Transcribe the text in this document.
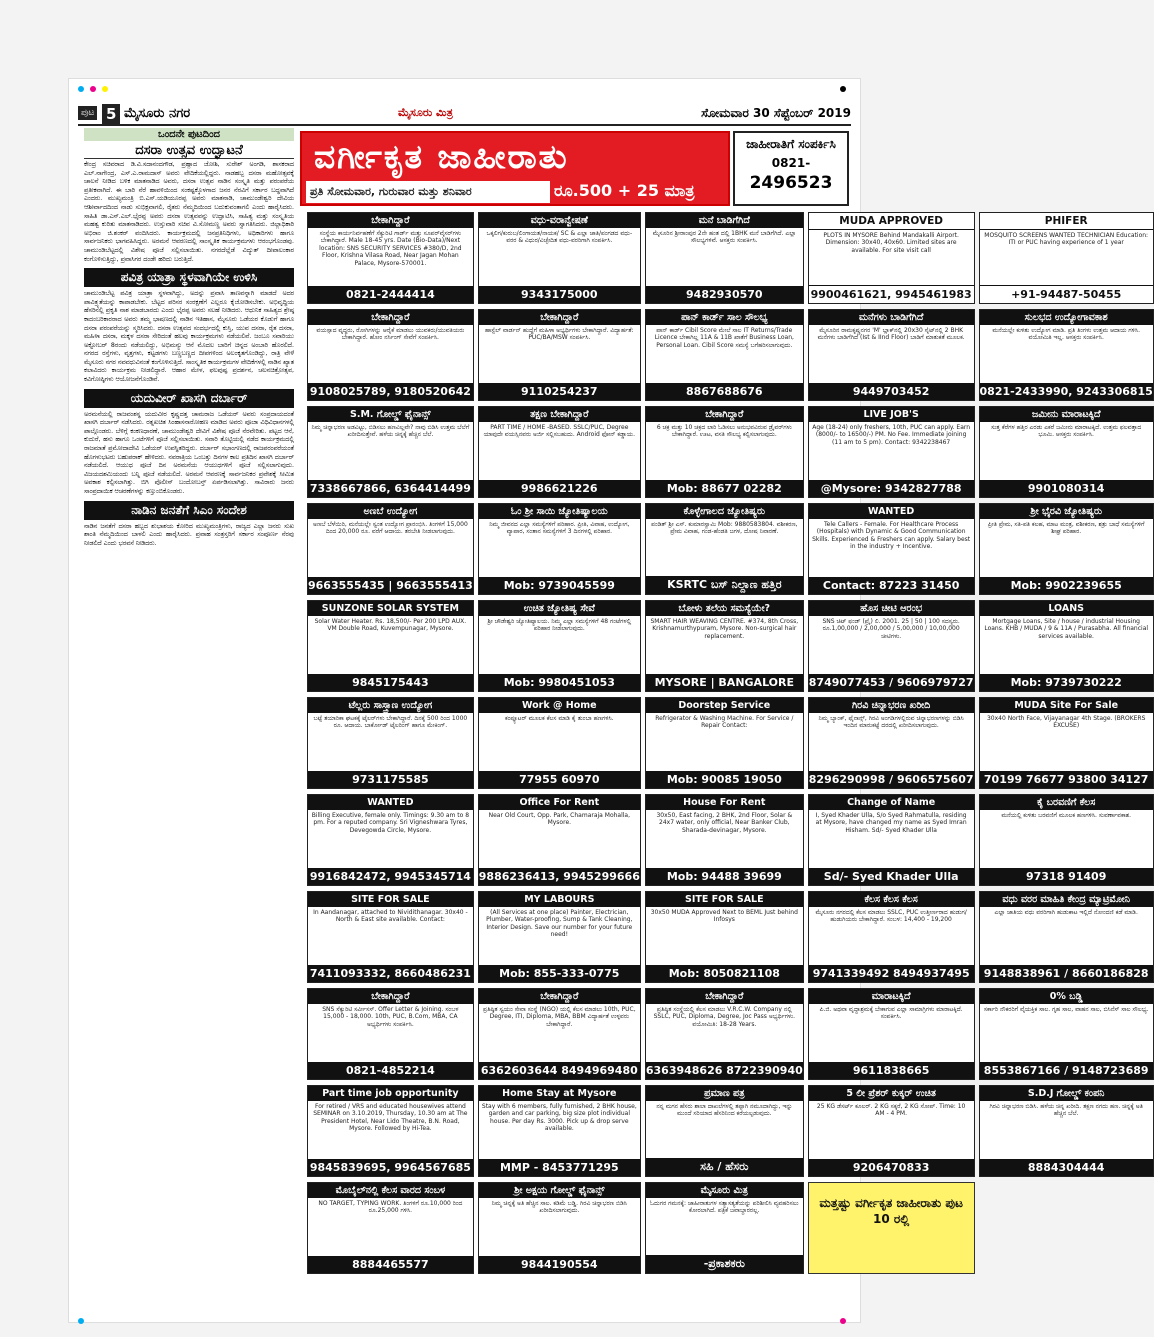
ಪುಟ 5 ಮೈಸೂರು ನಗರ	ಮೈಸೂರು ಮಿತ್ರ	ಸೋಮವಾರ 30 ಸೆಪ್ಟೆಂಬರ್ 2019
ಒಂದನೇ ಪುಟದಿಂದ
ದಸರಾ ಉತ್ಸವ ಉದ್ಘಾಟನೆ
ಕೇಂದ್ರ ಸಚಿವರಾದ ಡಿ.ವಿ.ಸದಾನಂದಗೌಡ, ಪ್ರಹ್ಲಾದ ಜೋಶಿ, ಸುರೇಶ್ ಅಂಗಡಿ, ಶಾಸಕರಾದ ಎಲ್.ನಾಗೇಂದ್ರ, ಎಸ್.ಎ.ರಾಮದಾಸ್ ಅವರು ವೇದಿಕೆಯಲ್ಲಿದ್ದರು. ನಾಡಹಬ್ಬ ದಸರಾ ಮಹೋತ್ಸವಕ್ಕೆ ಚಾಲನೆ ನೀಡಿದ ಬಳಿಕ ಮಾತನಾಡಿದ ಅವರು, ದಸರಾ ಉತ್ಸವ ನಾಡಿನ ಸಂಸ್ಕೃತಿ ಮತ್ತು ಪರಂಪರೆಯ ಪ್ರತೀಕವಾಗಿದೆ. ಈ ಬಾರಿ ನೆರೆ ಹಾವಳಿಯಿಂದ ಸಂಕಷ್ಟಕ್ಕೊಳಗಾದ ಜನರ ನೆರವಿಗೆ ಸರ್ಕಾರ ಬದ್ಧವಾಗಿದೆ ಎಂದರು. ಮುಖ್ಯಮಂತ್ರಿ ಬಿ.ಎಸ್.ಯಡಿಯೂರಪ್ಪ ಅವರು ಮಾತನಾಡಿ, ಚಾಮುಂಡೇಶ್ವರಿ ದೇವಿಯ ಆಶೀರ್ವಾದದಿಂದ ನಾಡು ಸುಭಿಕ್ಷವಾಗಲಿ, ರೈತರು ನೆಮ್ಮದಿಯಿಂದ ಬದುಕುವಂತಾಗಲಿ ಎಂದು ಹಾರೈಸಿದರು. ಸಾಹಿತಿ ಡಾ.ಎಸ್.ಎಲ್.ಭೈರಪ್ಪ ಅವರು ದಸರಾ ಉತ್ಸವವನ್ನು ಉದ್ಘಾಟಿಸಿ, ಸಾಹಿತ್ಯ ಮತ್ತು ಸಂಸ್ಕೃತಿಯ ಮಹತ್ವ ಕುರಿತು ಮಾತನಾಡಿದರು. ಉಸ್ತುವಾರಿ ಸಚಿವ ವಿ.ಸೋಮಣ್ಣ ಅವರು ಸ್ವಾಗತಿಸಿದರು. ಜಿಲ್ಲಾಧಿಕಾರಿ ಅಭಿರಾಂ ಜಿ.ಶಂಕರ್ ವಂದಿಸಿದರು. ಕಾರ್ಯಕ್ರಮದಲ್ಲಿ ಜನಪ್ರತಿನಿಧಿಗಳು, ಅಧಿಕಾರಿಗಳು ಹಾಗೂ ಸಾರ್ವಜನಿಕರು ಭಾಗವಹಿಸಿದ್ದರು. ಅರಮನೆ ಆವರಣದಲ್ಲಿ ಸಾಂಸ್ಕೃತಿಕ ಕಾರ್ಯಕ್ರಮಗಳು ಆರಂಭಗೊಂಡವು. ಚಾಮುಂಡಿಬೆಟ್ಟದಲ್ಲಿ ವಿಶೇಷ ಪೂಜೆ ಸಲ್ಲಿಸಲಾಯಿತು. ನಗರದೆಲ್ಲೆಡೆ ವಿದ್ಯುತ್ ದೀಪಾಲಂಕಾರ ಕಂಗೊಳಿಸುತ್ತಿದ್ದು, ಪ್ರವಾಸಿಗರ ದಂಡೇ ಹರಿದು ಬರುತ್ತಿದೆ.
ಪವಿತ್ರ ಯಾತ್ರಾ ಸ್ಥಳವಾಗಿಯೇ ಉಳಿಸಿ
ಚಾಮುಂಡಿಬೆಟ್ಟ ಪವಿತ್ರ ಯಾತ್ರಾ ಸ್ಥಳವಾಗಿದ್ದು, ಅದನ್ನು ಪ್ರವಾಸಿ ತಾಣವನ್ನಾಗಿ ಮಾಡದೆ ಅದರ ಪಾವಿತ್ರ್ಯತೆಯನ್ನು ಕಾಪಾಡಬೇಕು. ಬೆಟ್ಟದ ಪರಿಸರ ಸಂರಕ್ಷಣೆಗೆ ಎಲ್ಲರೂ ಕೈಜೋಡಿಸಬೇಕು. ಅಭಿವೃದ್ಧಿಯ ಹೆಸರಿನಲ್ಲಿ ಪ್ರಕೃತಿ ನಾಶ ಮಾಡಬಾರದು ಎಂದು ಭೈರಪ್ಪ ಅವರು ಸಲಹೆ ನೀಡಿದರು. ಆಧುನಿಕ ಸಾಹಿತ್ಯದ ಶ್ರೇಷ್ಠ ಕಾದಂಬರಿಕಾರರಾದ ಅವರು ತಮ್ಮ ಭಾಷಣದಲ್ಲಿ ನಾಡಿನ ಇತಿಹಾಸ, ಮೈಸೂರು ಒಡೆಯರ ಕೊಡುಗೆ ಹಾಗೂ ದಸರಾ ಪರಂಪರೆಯನ್ನು ಸ್ಮರಿಸಿದರು. ದಸರಾ ಉತ್ಸವದ ಸಂದರ್ಭದಲ್ಲಿ ಕುಸ್ತಿ, ಯುವ ದಸರಾ, ರೈತ ದಸರಾ, ಮಹಿಳಾ ದಸರಾ, ಮಕ್ಕಳ ದಸರಾ ಸೇರಿದಂತೆ ಹಲವು ಕಾರ್ಯಕ್ರಮಗಳು ನಡೆಯಲಿವೆ. ಜಂಬೂ ಸವಾರಿಯು ಅಕ್ಟೋಬರ್ 8ರಂದು ನಡೆಯಲಿದ್ದು, ಅಭಿಮನ್ಯು ಆನೆ ಮೊದಲ ಬಾರಿಗೆ ಚಿನ್ನದ ಅಂಬಾರಿ ಹೊರಲಿದೆ. ನಗರದ ರಸ್ತೆಗಳು, ವೃತ್ತಗಳು, ಕಟ್ಟಡಗಳು ಬಣ್ಣಬಣ್ಣದ ದೀಪಗಳಿಂದ ಅಲಂಕೃತಗೊಂಡಿದ್ದು, ರಾತ್ರಿ ವೇಳೆ ಮೈಸೂರು ನಗರ ನವವಧುವಿನಂತೆ ಕಂಗೊಳಿಸುತ್ತಿದೆ. ಸಾಂಸ್ಕೃತಿಕ ಕಾರ್ಯಕ್ರಮಗಳ ವೇದಿಕೆಗಳಲ್ಲಿ ನಾಡಿನ ಖ್ಯಾತ ಕಲಾವಿದರು ಕಾರ್ಯಕ್ರಮ ನೀಡಲಿದ್ದಾರೆ. ಆಹಾರ ಮೇಳ, ಫಲಪುಷ್ಪ ಪ್ರದರ್ಶನ, ಚಲನಚಿತ್ರೋತ್ಸವ, ಕವಿಗೋಷ್ಠಿಗಳು ಆಯೋಜನೆಗೊಂಡಿವೆ.
ಯದುವೀರ್ ಖಾಸಗಿ ದರ್ಬಾರ್
ಅರಮನೆಯಲ್ಲಿ ರಾಜವಂಶಸ್ಥ ಯದುವೀರ ಕೃಷ್ಣದತ್ತ ಚಾಮರಾಜ ಒಡೆಯರ್ ಅವರು ಸಂಪ್ರದಾಯದಂತೆ ಖಾಸಗಿ ದರ್ಬಾರ್ ನಡೆಸಿದರು. ರತ್ನಖಚಿತ ಸಿಂಹಾಸನಾರೋಹಣ ಮಾಡಿದ ಅವರು ಪೂಜಾ ವಿಧಿವಿಧಾನಗಳಲ್ಲಿ ಪಾಲ್ಗೊಂಡರು. ಬೆಳಿಗ್ಗೆ ಕಂಕಣಧಾರಣೆ, ಚಾಮುಂಡೇಶ್ವರಿ ದೇವಿಗೆ ವಿಶೇಷ ಪೂಜೆ ನೆರವೇರಿತು. ಪಟ್ಟದ ಆನೆ, ಕುದುರೆ, ಹಸು ಹಾಗೂ ಒಂಟೆಗಳಿಗೆ ಪೂಜೆ ಸಲ್ಲಿಸಲಾಯಿತು. ಸವಾರಿ ತೊಟ್ಟಿಯಲ್ಲಿ ನಡೆದ ಕಾರ್ಯಕ್ರಮದಲ್ಲಿ ರಾಜಮಾತೆ ಪ್ರಮೋದಾದೇವಿ ಒಡೆಯರ್ ಉಪಸ್ಥಿತರಿದ್ದರು. ದರ್ಬಾರ್ ಸಭಾಂಗಣದಲ್ಲಿ ರಾಜಪರಂಪರೆಯಂತೆ ಹೊಗಳುಭಟರು ಬಹುಪರಾಕ್ ಹೇಳಿದರು. ನವರಾತ್ರಿಯ ಒಂಬತ್ತು ದಿನಗಳ ಕಾಲ ಪ್ರತಿದಿನ ಖಾಸಗಿ ದರ್ಬಾರ್ ನಡೆಯಲಿದೆ. ಆಯುಧ ಪೂಜೆ ದಿನ ಅರಮನೆಯ ಆಯುಧಗಳಿಗೆ ಪೂಜೆ ಸಲ್ಲಿಸಲಾಗುವುದು. ವಿಜಯದಶಮಿಯಂದು ಬನ್ನಿ ಪೂಜೆ ನಡೆಯಲಿದೆ. ಅರಮನೆ ಆವರಣಕ್ಕೆ ಸಾರ್ವಜನಿಕರ ಪ್ರವೇಶಕ್ಕೆ ಸೀಮಿತ ಅವಕಾಶ ಕಲ್ಪಿಸಲಾಗಿತ್ತು. ಬಿಗಿ ಪೊಲೀಸ್ ಬಂದೋಬಸ್ತ್ ಏರ್ಪಡಿಸಲಾಗಿತ್ತು. ಸಾವಿರಾರು ಜನರು ಸಾಂಪ್ರದಾಯಿಕ ಆಚರಣೆಗಳನ್ನು ಕಣ್ತುಂಬಿಕೊಂಡರು.
ನಾಡಿನ ಜನತೆಗೆ ಸಿಎಂ ಸಂದೇಶ
ನಾಡಿನ ಜನತೆಗೆ ದಸರಾ ಹಬ್ಬದ ಶುಭಾಶಯ ಕೋರಿದ ಮುಖ್ಯಮಂತ್ರಿಗಳು, ರಾಜ್ಯದ ಎಲ್ಲಾ ಜನರು ಸುಖ ಶಾಂತಿ ನೆಮ್ಮದಿಯಿಂದ ಬಾಳಲಿ ಎಂದು ಹಾರೈಸಿದರು. ಪ್ರವಾಹ ಸಂತ್ರಸ್ತರಿಗೆ ಸರ್ಕಾರ ಸಂಪೂರ್ಣ ನೆರವು ನೀಡಲಿದೆ ಎಂದು ಭರವಸೆ ನೀಡಿದರು.
ವರ್ಗೀಕೃತ ಜಾಹೀರಾತು
ಪ್ರತಿ ಸೋಮವಾರ, ಗುರುವಾರ ಮತ್ತು ಶನಿವಾರ	ರೂ.500 + 25 ಮಾತ್ರ
ಜಾಹೀರಾತಿಗೆ ಸಂಪರ್ಕಿಸಿ
0821-
2496523
ಬೇಕಾಗಿದ್ದಾರೆ
ಸಂಸ್ಥೆಯ ಕಾರ್ಯನಿರ್ವಹಣೆಗೆ ಸೆಕ್ಯುರಿಟಿ ಗಾರ್ಡ್ ಮತ್ತು ಸೂಪರ್‌ವೈಸರ್‌ಗಳು ಬೇಕಾಗಿದ್ದಾರೆ. Male 18-45 yrs. Date (Bio-Data)/Next location: SNS SECURITY SERVICES #380/D, 2nd Floor, Krishna Vilasa Road, Near Jagan Mohan Palace, Mysore-570001.
0821-2444414
ವಧು-ವರಾನ್ವೇಷಣೆ
ಒಕ್ಕಲಿಗ/ಕುರುಬ/ಲಿಂಗಾಯತ/ನಾಯಕ/ SC & ಎಲ್ಲಾ ಜಾತಿ/ಪಂಗಡದ ವಧು-ವರರ & ವಿಧುರ/ವಿಚ್ಛೇದಿತ ವಧು-ವರರಿಗಾಗಿ ಸಂಪರ್ಕಿಸಿ.
9343175000
ಮನೆ ಬಾಡಿಗೆಗಿದೆ
ಮೈಸೂರಿನ ಶ್ರೀರಾಂಪುರ 2ನೇ ಹಂತ ದಲ್ಲಿ 1BHK ಮನೆ ಬಾಡಿಗೆಗಿದೆ. ಎಲ್ಲಾ ಸೌಲಭ್ಯಗಳಿವೆ. ಆಸಕ್ತರು ಸಂಪರ್ಕಿಸಿ.
9482930570
MUDA APPROVED
PLOTS IN MYSORE Behind Mandakalli Airport. Dimension: 30x40, 40x60. Limited sites are available. For site visit call
9900461621, 9945461983
PHIFER
MOSQUITO SCREENS WANTED TECHNICIAN Education: ITI or PUC having experience of 1 year
+91-94487-50455
ಬೇಕಾಗಿದ್ದಾರೆ
ವಯಸ್ಸಾದ ವೃದ್ಧರು, ರೋಗಿಗಳನ್ನು ಆರೈಕೆ ಮಾಡಲು ಯುವಕರು/ಯುವತಿಯರು ಬೇಕಾಗಿದ್ದಾರೆ. ಹೋಂ ನರ್ಸಿಂಗ್ ಸೇವೆಗೆ ಸಂಪರ್ಕಿಸಿ.
9108025789, 9180520642
ಬೇಕಾಗಿದ್ದಾರೆ
ಹಾಸ್ಟೆಲ್ ವಾರ್ಡನ್ ಹುದ್ದೆಗೆ ಮಹಿಳಾ ಅಭ್ಯರ್ಥಿಗಳು ಬೇಕಾಗಿದ್ದಾರೆ. ವಿದ್ಯಾರ್ಹತೆ: PUC/BA/MSW ಸಂಪರ್ಕಿಸಿ.
9110254237
ಪಾನ್ ಕಾರ್ಡ್ ಸಾಲ ಸೌಲಭ್ಯ
ಪಾನ್ ಕಾರ್ಡ್ Cibil Score ಮೇಲೆ ಸಾಲ IT Returns/Trade Licence ಬೇಕಾಗಿಲ್ಲ 11A & 11B ಖಾತೆಗೆ Business Loan, Personal Loan. Cibil Score ಸಮಸ್ಯೆ ಬಗೆಹರಿಸಲಾಗುವುದು.
8867688676
ಮನೆಗಳು ಬಾಡಿಗೆಗಿದೆ
ಮೈಸೂರಿನ ರಾಮಕೃಷ್ಣನಗರ 'M' ಬ್ಲಾಕ್‌ನಲ್ಲಿ 20x30 ಸೈಟ್‌ನಲ್ಲಿ 2 BHK ಮನೆಗಳು ಬಾಡಿಗೆಗಿದೆ (Ist & IInd Floor) ಬಾಡಿಗೆ ಮಾತುಕತೆ ಮೂಲಕ.
9449703452
ಸುಲಭದ ಉದ್ಯೋಗಾವಕಾಶ
ಮನೆಯಲ್ಲೇ ಕುಳಿತು ಉದ್ಯೋಗ ಮಾಡಿ. ಪ್ರತಿ ತಿಂಗಳು ಉತ್ತಮ ಆದಾಯ ಗಳಿಸಿ. ವಯೋಮಿತಿ ಇಲ್ಲ. ಆಸಕ್ತರು ಸಂಪರ್ಕಿಸಿ.
0821-2433990, 9243306815
S.M. ಗೋಲ್ಡ್ ಫೈನಾನ್ಸ್
ನಿಮ್ಮ ಚಿನ್ನಾಭರಣ ಅಡವಿಟ್ಟು, ಬಿಡಿಸಲು ಹಣವಿಲ್ಲವೇ? ನಾವು ಬಿಡಿಸಿ ಉತ್ತಮ ಬೆಲೆಗೆ ಖರೀದಿಸುತ್ತೇವೆ. ಹಳೆಯ ಚಿನ್ನಕ್ಕೆ ಹೆಚ್ಚಿನ ಬೆಲೆ.
7338667866, 6364414499
ತಕ್ಷಣ ಬೇಕಾಗಿದ್ದಾರೆ
PART TIME / HOME -BASED. SSLC/PUC, Degree ಯಾವುದೇ ವಯಸ್ಸಿನವರು ಅರ್ಜಿ ಸಲ್ಲಿಸಬಹುದು. Android ಫೋನ್ ಕಡ್ಡಾಯ.
9986621226
ಬೇಕಾಗಿದ್ದಾರೆ
6 ಚಕ್ರ ಮತ್ತು 10 ಚಕ್ರದ ಲಾರಿ ಓಡಿಸಲು ಅನುಭವವಿರುವ ಡ್ರೈವರ್‌ಗಳು ಬೇಕಾಗಿದ್ದಾರೆ. ಊಟ, ವಸತಿ ಸೌಲಭ್ಯ ಕಲ್ಪಿಸಲಾಗುವುದು.
Mob: 88677 02282
LIVE JOB'S
Age (18-24) only freshers, 10th, PUC can apply. Earn (8000/- to 16500/-) PM. No Fee. Immediate joining (11 am to 5 pm). Contact: 9342238467
@Mysore: 9342827788
ಜಮೀನು ಮಾರಾಟಕ್ಕಿದೆ
ಸುತ್ತ ಕೆರೆಗಳ ಹತ್ತಿರ ಎರಡು ಎಕರೆ ಜಮೀನು ಮಾರಾಟಕ್ಕಿದೆ. ಉತ್ತಮ ಫಲವತ್ತಾದ ಭೂಮಿ. ಆಸಕ್ತರು ಸಂಪರ್ಕಿಸಿ.
9901080314
ಅಣಬೆ ಉದ್ಯೋಗ
ಅಣಬೆ ಬೆಳೆಯಿರಿ, ಮನೆಯಲ್ಲೇ ಸ್ವಂತ ಉದ್ಯೋಗ ಪ್ರಾರಂಭಿಸಿ. ತಿಂಗಳಿಗೆ 15,000 ದಿಂದ 20,000 ರೂ. ವರೆಗೆ ಆದಾಯ. ತರಬೇತಿ ನೀಡಲಾಗುವುದು.
9663555435 | 9663555413
ಓಂ ಶ್ರೀ ಸಾಯಿ ಜ್ಯೋತಿಷ್ಯಾಲಯ
ನಿಮ್ಮ ಜೀವನದ ಎಲ್ಲಾ ಸಮಸ್ಯೆಗಳಿಗೆ ಪರಿಹಾರ. ಪ್ರೀತಿ, ವಿವಾಹ, ಉದ್ಯೋಗ, ವ್ಯಾಪಾರ, ಸಂತಾನ ಸಮಸ್ಯೆಗಳಿಗೆ 3 ದಿನಗಳಲ್ಲಿ ಪರಿಹಾರ.
Mob: 9739045599
ಕೊಳ್ಳೇಗಾಲದ ಜ್ಯೋತಿಷ್ಯರು
ಪಂಡಿತ್ ಶ್ರೀ ಎಸ್. ಕುಮಾರಸ್ವಾಮಿ Mob: 9880583804. ವಶೀಕರಣ, ಪ್ರೇಮ ವಿವಾಹ, ಗಂಡ-ಹೆಂಡತಿ ಜಗಳ, ದೋಷ ನಿವಾರಣೆ.
KSRTC ಬಸ್ ನಿಲ್ದಾಣ ಹತ್ತಿರ
WANTED
Tele Callers - Female. For Healthcare Process (Hospitals) with Dynamic & Good Communication Skills. Experienced & Freshers can apply. Salary best in the industry + Incentive.
Contact: 87223 31450
ಶ್ರೀ ಭೈರವಿ ಜ್ಯೋತಿಷ್ಯರು
ಪ್ರೀತಿ ಪ್ರೇಮ, ಸತಿ-ಪತಿ ಕಲಹ, ಮಾಟ ಮಂತ್ರ, ವಶೀಕರಣ, ಶತ್ರು ಬಾಧೆ ಸಮಸ್ಯೆಗಳಿಗೆ ಶೀಘ್ರ ಪರಿಹಾರ.
Mob: 9902239655
SUNZONE SOLAR SYSTEM
Solar Water Heater. Rs. 18,500/- Per 200 LPD AUX. VM Double Road, Kuvempunagar, Mysore.
9845175443
ಉಚಿತ ಜ್ಯೋತಿಷ್ಯ ಸೇವೆ
ಶ್ರೀ ಚೌಡೇಶ್ವರಿ ಜ್ಯೋತಿಷ್ಯಾಲಯ. ನಿಮ್ಮ ಎಲ್ಲಾ ಸಮಸ್ಯೆಗಳಿಗೆ 48 ಗಂಟೆಗಳಲ್ಲಿ ಪರಿಹಾರ ನೀಡಲಾಗುವುದು.
Mob: 9980451053
ಬೋಳು ತಲೆಯ ಸಮಸ್ಯೆಯೇ?
SMART HAIR WEAVING CENTRE. #374, 8th Cross, Krishnamurthypuram, Mysore. Non-surgical hair replacement.
MYSORE | BANGALORE
ಹೊಸ ಚೀಟಿ ಆರಂಭ
SNS ಚಿಟ್ ಫಂಡ್ (ಪ್ರೈ) ಲಿ. 2001. 25 | 50 | 100 ಸದಸ್ಯರು. ರೂ.1,00,000 / 2,00,000 / 5,00,000 / 10,00,000 ಚೀಟಿಗಳು.
8749077453 / 9606979727
LOANS
Mortgage Loans, Site / house / industrial Housing Loans. KHB / MUDA / 9 & 11A / Purasabha. All financial services available.
Mob: 9739730222
ಟೆಲ್ಲರು ಸಾಸ್ತ್ರಾಣ ಉದ್ಯೋಗ
ಬಟ್ಟೆ ತಯಾರಿಕಾ ಘಟಕಕ್ಕೆ ಟೈಲರ್‌ಗಳು ಬೇಕಾಗಿದ್ದಾರೆ. ದಿನಕ್ಕೆ 500 ರಿಂದ 1000 ರೂ. ಆದಾಯ. ಬಾರ್ಕೋಡ್ ಟೈಲರಿಂಗ್ ಹಾಗೂ ಮೇಕಿಂಗ್.
9731175585
Work @ Home
ಕಂಪ್ಯೂಟರ್ ಮೂಲಕ ಕೆಲಸ ಮಾಡಿ ಕೈ ತುಂಬಾ ಹಣಗಳಿಸಿ.
77955 60970
Doorstep Service
Refrigerator & Washing Machine. For Service / Repair Contact:
Mob: 90085 19050
ಗಿರವಿ ಚಿನ್ನಾಭರಣ ಖರೀದಿ
ನಿಮ್ಮ ಬ್ಯಾಂಕ್, ಫೈನಾನ್ಸ್, ಗಿರವಿ ಅಂಗಡಿಗಳಲ್ಲಿರುವ ಚಿನ್ನಾಭರಣಗಳನ್ನು ಬಿಡಿಸಿ ಇಂದಿನ ಮಾರುಕಟ್ಟೆ ದರದಲ್ಲಿ ಖರೀದಿಸಲಾಗುವುದು.
8296290998 / 9606575607
MUDA Site For Sale
30x40 North Face, Vijayanagar 4th Stage. (BROKERS EXCUSE)
70199 76677 93800 34127
WANTED
Billing Executive, female only. Timings: 9.30 am to 8 pm. For a reputed company. Sri Vigneshwara Tyres, Devegowda Circle, Mysore.
9916842472, 9945345714
Office For Rent
Near Old Court, Opp. Park, Chamaraja Mohalla, Mysore.
9886236413, 9945299666
House For Rent
30x50, East facing, 2 BHK, 2nd Floor, Solar & 24x7 water, only official, Near Banker Club, Sharada-devinagar, Mysore.
Mob: 94488 39699
Change of Name
I, Syed Khader Ulla, S/o Syed Rahmatulla, residing at Mysore, have changed my name as Syed Imran Hisham. Sd/- Syed Khader Ulla
Sd/- Syed Khader Ulla
ಕೈ ಬರವಣಿಗೆ ಕೆಲಸ
ಮನೆಯಲ್ಲಿ ಕುಳಿತು ಬರವಣಿಗೆ ಮೂಲಕ ಹಣಗಳಿಸಿ. ಸುವರ್ಣಾವಕಾಶ.
97318 91409
SITE FOR SALE
In Aandanagar, attached to Nividithanagar. 30x40 - North & East site available. Contact:
7411093332, 8660486231
MY LABOURS
(All Services at one place) Painter, Electrician, Plumber, Water-proofing, Sump & Tank Cleaning, Interior Design. Save our number for your future need!
Mob: 855-333-0775
SITE FOR SALE
30x50 MUDA Approved Next to BEML Just behind Infosys
Mob: 8050821108
ಕೆಲಸ ಕೆಲಸ ಕೆಲಸ
ಮೈಸೂರು ನಗರದಲ್ಲಿ ಕೆಲಸ ಮಾಡಲು SSLC, PUC ಉತ್ತೀರ್ಣರಾದ ಹುಡುಗ/ಹುಡುಗಿಯರು ಬೇಕಾಗಿದ್ದಾರೆ. ಸಂಬಳ: 14,400 - 19,200
9741339492 8494937495
ವಧು ವರರ ಮಾಹಿತಿ ಕೇಂದ್ರ ಮ್ಯಾಟ್ರಿಮೋನಿ
ಎಲ್ಲಾ ಜಾತಿಯ ವಧು ವರರಿಗಾಗಿ ಹುಡುಕಾಟ ಇಲ್ಲಿದೆ ನೋಂದಣಿ ಕಡೆ ಮಾಡಿ.
9148838961 / 8660186828
ಬೇಕಾಗಿದ್ದಾರೆ
SNS ಸೆಕ್ಯುರಿಟಿ ಸರ್ವೀಸಸ್. Offer Letter & Joining. ಸಂಬಳ 15,000 - 18,000. 10th, PUC, B.Com, MBA, CA ಅಭ್ಯರ್ಥಿಗಳು ಸಂಪರ್ಕಿಸಿ.
0821-4852214
ಬೇಕಾಗಿದ್ದಾರೆ
ಪ್ರತಿಷ್ಠಿತ ಸ್ವಯಂ ಸೇವಾ ಸಂಸ್ಥೆ (NGO) ಯಲ್ಲಿ ಕೆಲಸ ಮಾಡಲು 10th, PUC, Degree, ITI, Diploma, MBA, BBM ವಿದ್ಯಾರ್ಹತೆ ಉಳ್ಳವರು ಬೇಕಾಗಿದ್ದಾರೆ.
6362603644 8494969480
ಬೇಕಾಗಿದ್ದಾರೆ
ಪ್ರತಿಷ್ಠಿತ ಸಂಸ್ಥೆಯಲ್ಲಿ ಕೆಲಸ ಮಾಡಲು V.R.C.W. Company ನಲ್ಲಿ SSLC, PUC, Diploma, Degree, Joc Pass ಅಭ್ಯರ್ಥಿಗಳು. ವಯೋಮಿತಿ: 18-28 Years.
6363948626 8722390940
ಮಾರಾಟಕ್ಕಿದೆ
ಪಿ.ಜಿ. ಅಥವಾ ವೃದ್ಧಾಶ್ರಮಕ್ಕೆ ಬೇಕಾಗುವ ಎಲ್ಲಾ ಸಾಮಾಗ್ರಿಗಳು ಮಾರಾಟಕ್ಕಿದೆ. ಸಂಪರ್ಕಿಸಿ.
9611838665
0% ಬಡ್ಡಿ
ಸರ್ಕಾರಿ ನೌಕರರಿಗೆ ವೈಯಕ್ತಿಕ ಸಾಲ. ಗೃಹ ಸಾಲ, ವಾಹನ ಸಾಲ, ಬಿಸಿನೆಸ್ ಸಾಲ ಸೌಲಭ್ಯ.
8553867166 / 9148723689
Part time job opportunity
For retired / VRS and educated housewives attend SEMINAR on 3.10.2019, Thursday, 10.30 am at The President Hotel, Near Lido Theatre, B.N. Road, Mysore. Followed by Hi-Tea.
9845839695, 9964567685
Home Stay at Mysore
Stay with 6 members, fully furnished, 2 BHK house, garden and car parking, big size plot individual house. Per day Rs. 3000. Pick up & drop serve available.
MMP - 8453771295
ಪ್ರಮಾಣ ಪತ್ರ
ನನ್ನ ಮಗನ ಹೆಸರು ಶಾಲಾ ದಾಖಲೆಗಳಲ್ಲಿ ತಪ್ಪಾಗಿ ನಮೂದಾಗಿದ್ದು, ಇನ್ನು ಮುಂದೆ ಸರಿಯಾದ ಹೆಸರಿನಿಂದ ಕರೆಯಲ್ಪಡುವುದು.
ಸಹಿ / ಹೆಸರು
5 ಲೀ ಪ್ರೆಶರ್ ಕುಕ್ಕರ್ ಉಚಿತ
25 KG ಡೆಸರ್ಟ್ ಕೂಲರ್. 2 KG ಸಕ್ಕರೆ, 2 KG ಸೋಪ್. Time: 10 AM - 4 PM.
9206470833
S.D.J ಗೋಲ್ಡ್ ಕಂಪನಿ
ಗಿರವಿ ಚಿನ್ನಾಭರಣ ಬಿಡಿಸಿ. ಹಳೆಯ ಚಿನ್ನ ಖರೀದಿ. ತಕ್ಷಣ ನಗದು ಹಣ. ಚಿನ್ನಕ್ಕೆ ಅತಿ ಹೆಚ್ಚಿನ ಬೆಲೆ.
8884304444
ಮೊಬೈಲ್‌ನಲ್ಲಿ ಕೆಲಸ ವಾರದ ಸಂಬಳ
NO TARGET, TYPING WORK. ತಿಂಗಳಿಗೆ ರೂ.10,000 ರಿಂದ ರೂ.25,000 ಗಳಿಸಿ.
8884465577
ಶ್ರೀ ಅಕ್ಷಯ ಗೋಲ್ಡ್ ಫೈನಾನ್ಸ್
ನಿಮ್ಮ ಚಿನ್ನಕ್ಕೆ ಅತಿ ಹೆಚ್ಚಿನ ಸಾಲ. ಕಡಿಮೆ ಬಡ್ಡಿ. ಗಿರವಿ ಚಿನ್ನಾಭರಣ ಬಿಡಿಸಿ ಖರೀದಿಸಲಾಗುವುದು.
9844190554
ಮೈಸೂರು ಮಿತ್ರ
ಓದುಗರ ಗಮನಕ್ಕೆ: ಜಾಹೀರಾತುಗಳ ಸತ್ಯಾಸತ್ಯತೆಯನ್ನು ಪರಿಶೀಲಿಸಿ ವ್ಯವಹರಿಸಲು ಕೋರಲಾಗಿದೆ. ಪತ್ರಿಕೆ ಜವಾಬ್ದಾರರಲ್ಲ.
-ಪ್ರಕಾಶಕರು
ಮತ್ತಷ್ಟು ವರ್ಗೀಕೃತ ಜಾಹೀರಾತು ಪುಟ 10 ರಲ್ಲಿ
